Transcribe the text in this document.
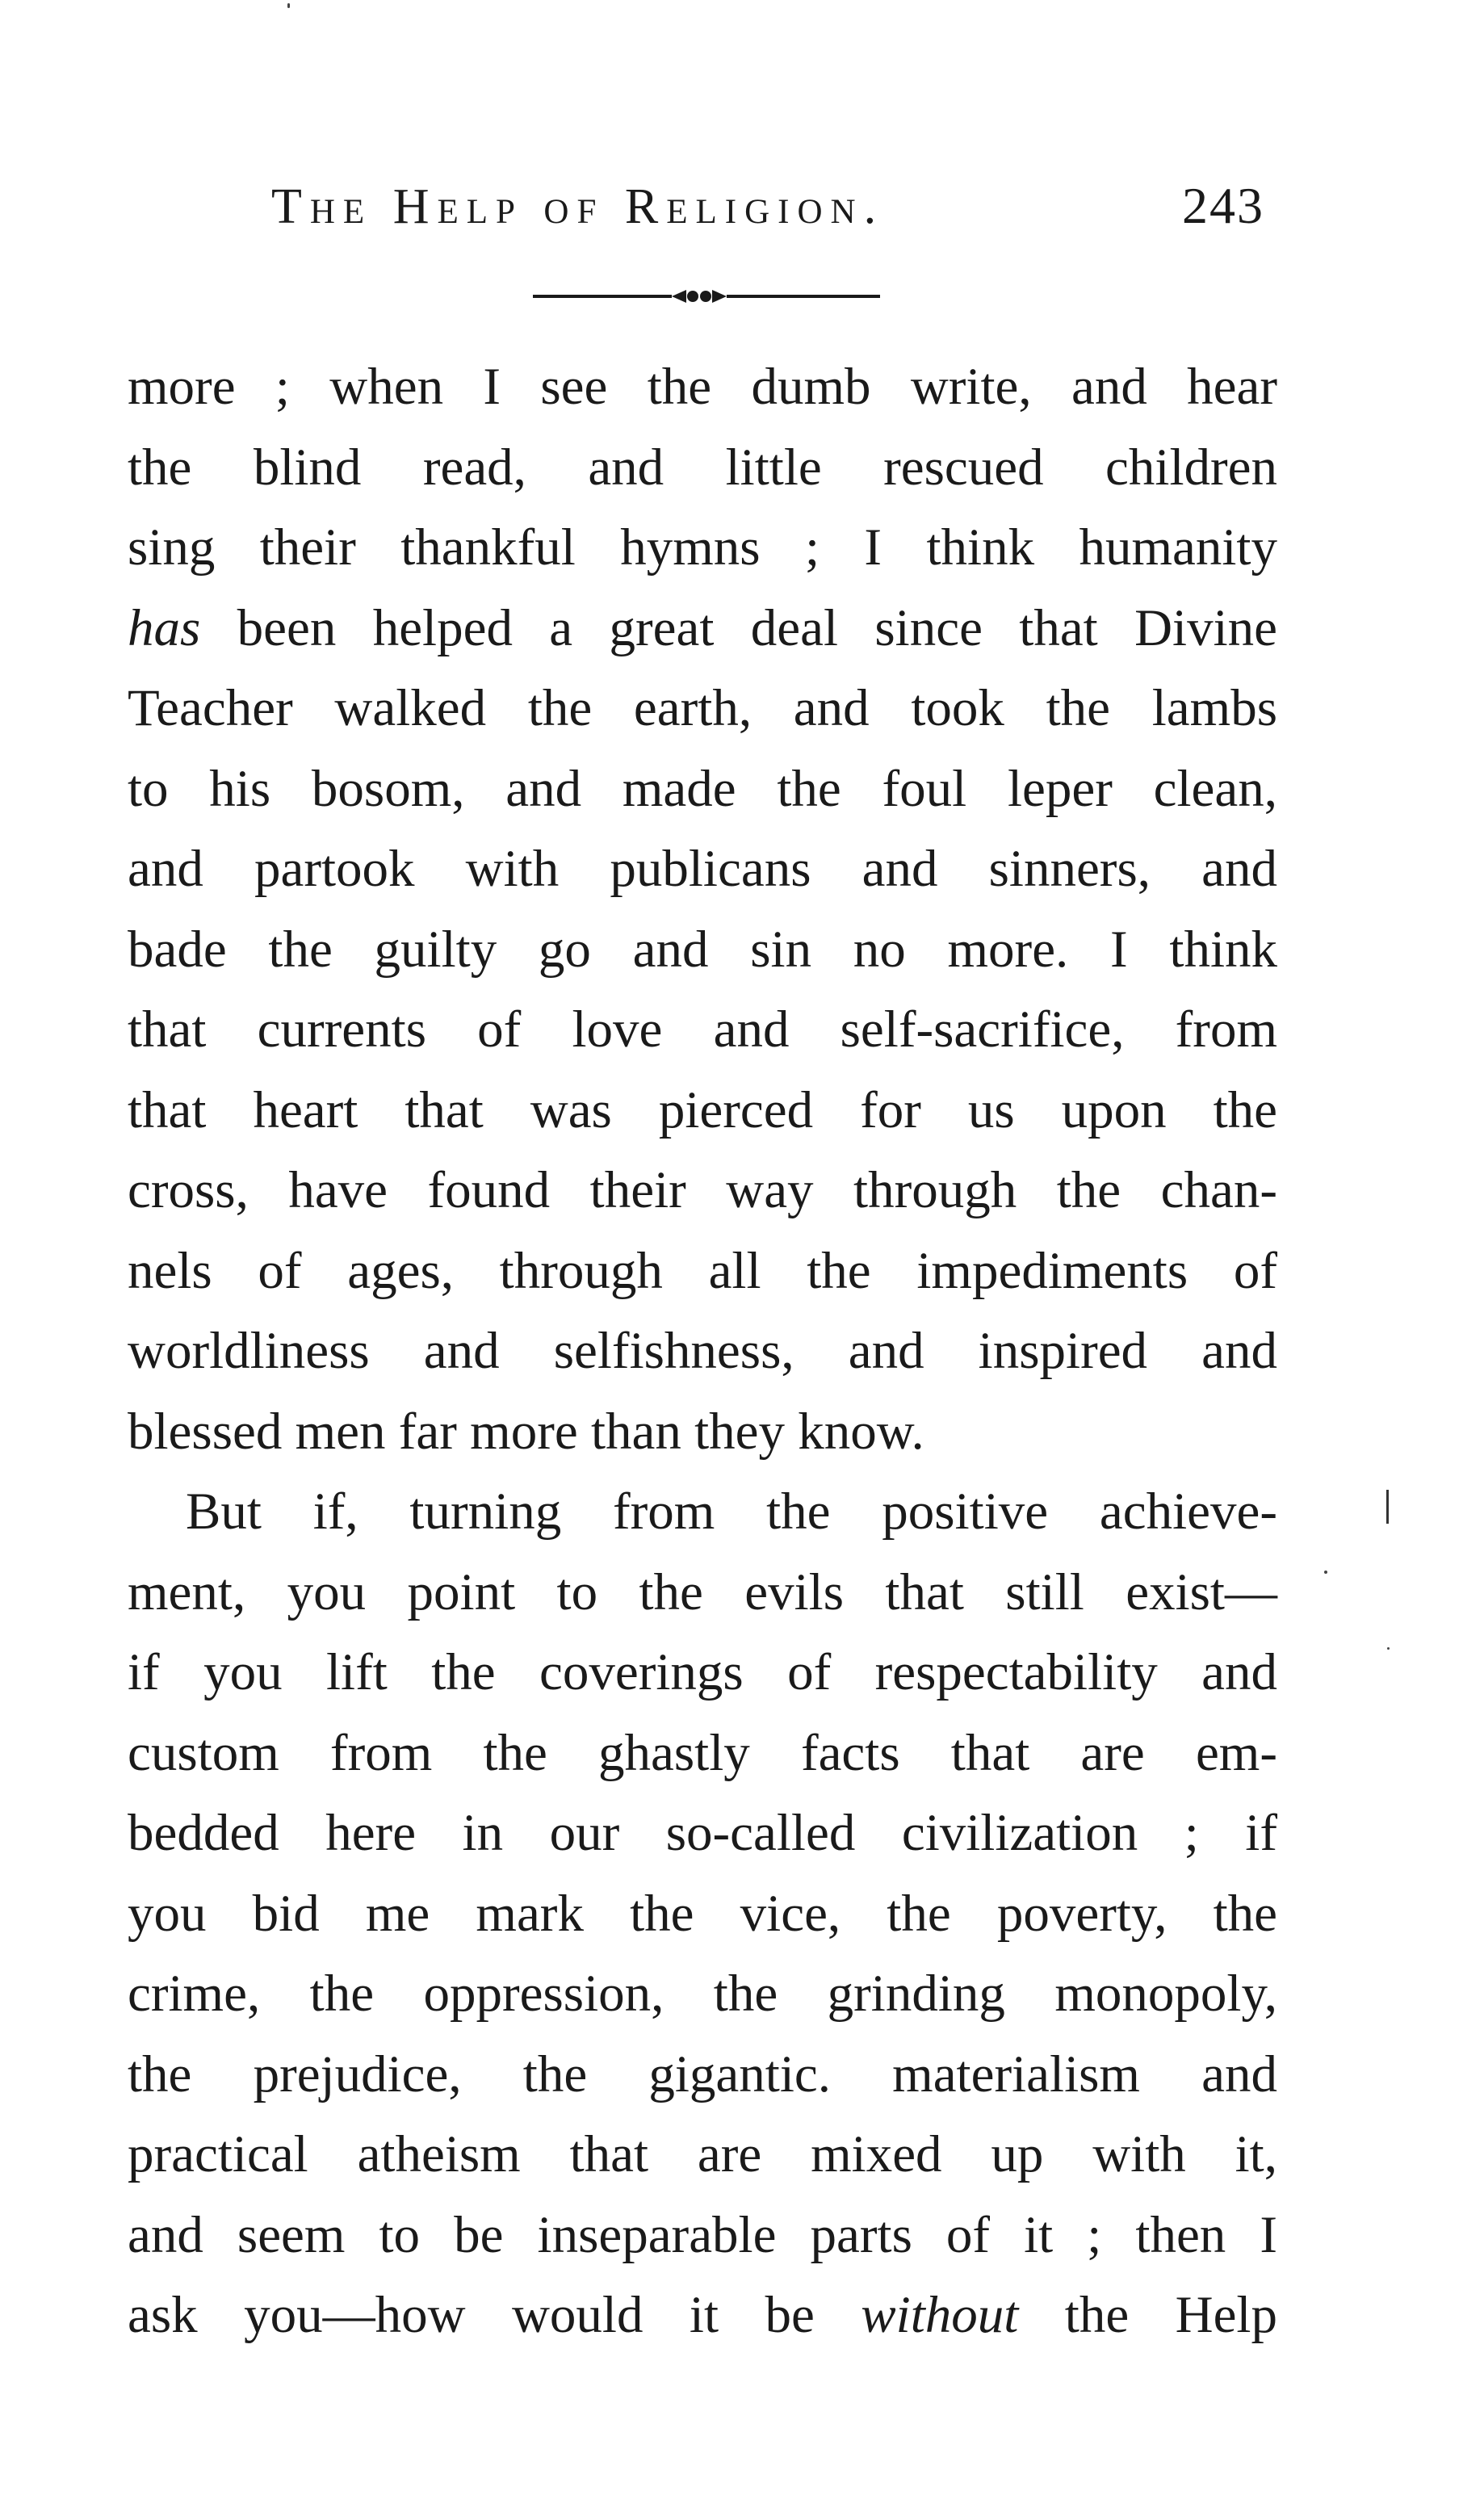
The Help of Religion.	243
more ; when I see the dumb write, and hear
the blind read, and little rescued children
sing their thankful hymns ; I think humanity
has been helped a great deal since that Divine
Teacher walked the earth, and took the lambs
to his bosom, and made the foul leper clean,
and partook with publicans and sinners, and
bade the guilty go and sin no more. I think
that currents of love and self-sacrifice, from
that heart that was pierced for us upon the
cross, have found their way through the chan-
nels of ages, through all the impediments of
worldliness and selfishness, and inspired and
blessed men far more than they know.
But if, turning from the positive achieve-
ment, you point to the evils that still exist—
if you lift the coverings of respectability and
custom from the ghastly facts that are em-
bedded here in our so-called civilization ; if
you bid me mark the vice, the poverty, the
crime, the oppression, the grinding monopoly,
the prejudice, the gigantic. materialism and
practical atheism that are mixed up with it,
and seem to be inseparable parts of it ; then I
ask you—how would it be without the Help
